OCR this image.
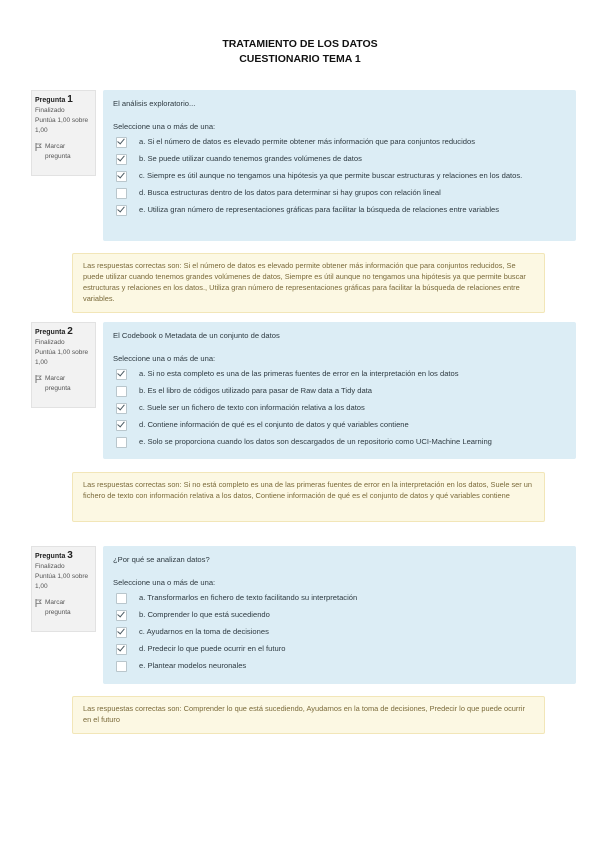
TRATAMIENTO DE LOS DATOS
CUESTIONARIO TEMA 1
Pregunta 1
Finalizado
Puntúa 1,00 sobre 1,00
Marcar pregunta
El análisis exploratorio...
Seleccione una o más de una:
a. Si el número de datos es elevado permite obtener más información que para conjuntos reducidos
b. Se puede utilizar cuando tenemos grandes volúmenes de datos
c. Siempre es útil aunque no tengamos una hipótesis ya que permite buscar estructuras y relaciones en los datos.
d. Busca estructuras dentro de los datos para determinar si hay grupos con relación lineal
e. Utiliza gran número de representaciones gráficas para facilitar la búsqueda de relaciones entre variables
Las respuestas correctas son: Si el número de datos es elevado permite obtener más información que para conjuntos reducidos, Se puede utilizar cuando tenemos grandes volúmenes de datos, Siempre es útil aunque no tengamos una hipótesis ya que permite buscar estructuras y relaciones en los datos., Utiliza gran número de representaciones gráficas para facilitar la búsqueda de relaciones entre variables.
Pregunta 2
Finalizado
Puntúa 1,00 sobre 1,00
Marcar pregunta
El Codebook o Metadata de un conjunto de datos
Seleccione una o más de una:
a. Si no esta completo es una de las primeras fuentes de error en la interpretación en los datos
b. Es el libro de códigos utilizado para pasar de Raw data a Tidy data
c. Suele ser un fichero de texto con información relativa a los datos
d. Contiene información de qué es el conjunto de datos y qué variables contiene
e. Solo se proporciona cuando los datos son descargados de un repositorio como UCI-Machine Learning
Las respuestas correctas son: Si no está completo es una de las primeras fuentes de error en la interpretación en los datos, Suele ser un fichero de texto con información relativa a los datos, Contiene información de qué es el conjunto de datos y qué variables contiene
Pregunta 3
Finalizado
Puntúa 1,00 sobre 1,00
Marcar pregunta
¿Por qué se analizan datos?
Seleccione una o más de una:
a. Transformarlos en fichero de texto facilitando su interpretación
b. Comprender lo que está sucediendo
c. Ayudarnos en la toma de decisiones
d. Predecir lo que puede ocurrir en el futuro
e. Plantear modelos neuronales
Las respuestas correctas son: Comprender lo que está sucediendo, Ayudarnos en la toma de decisiones, Predecir lo que puede ocurrir en el futuro
